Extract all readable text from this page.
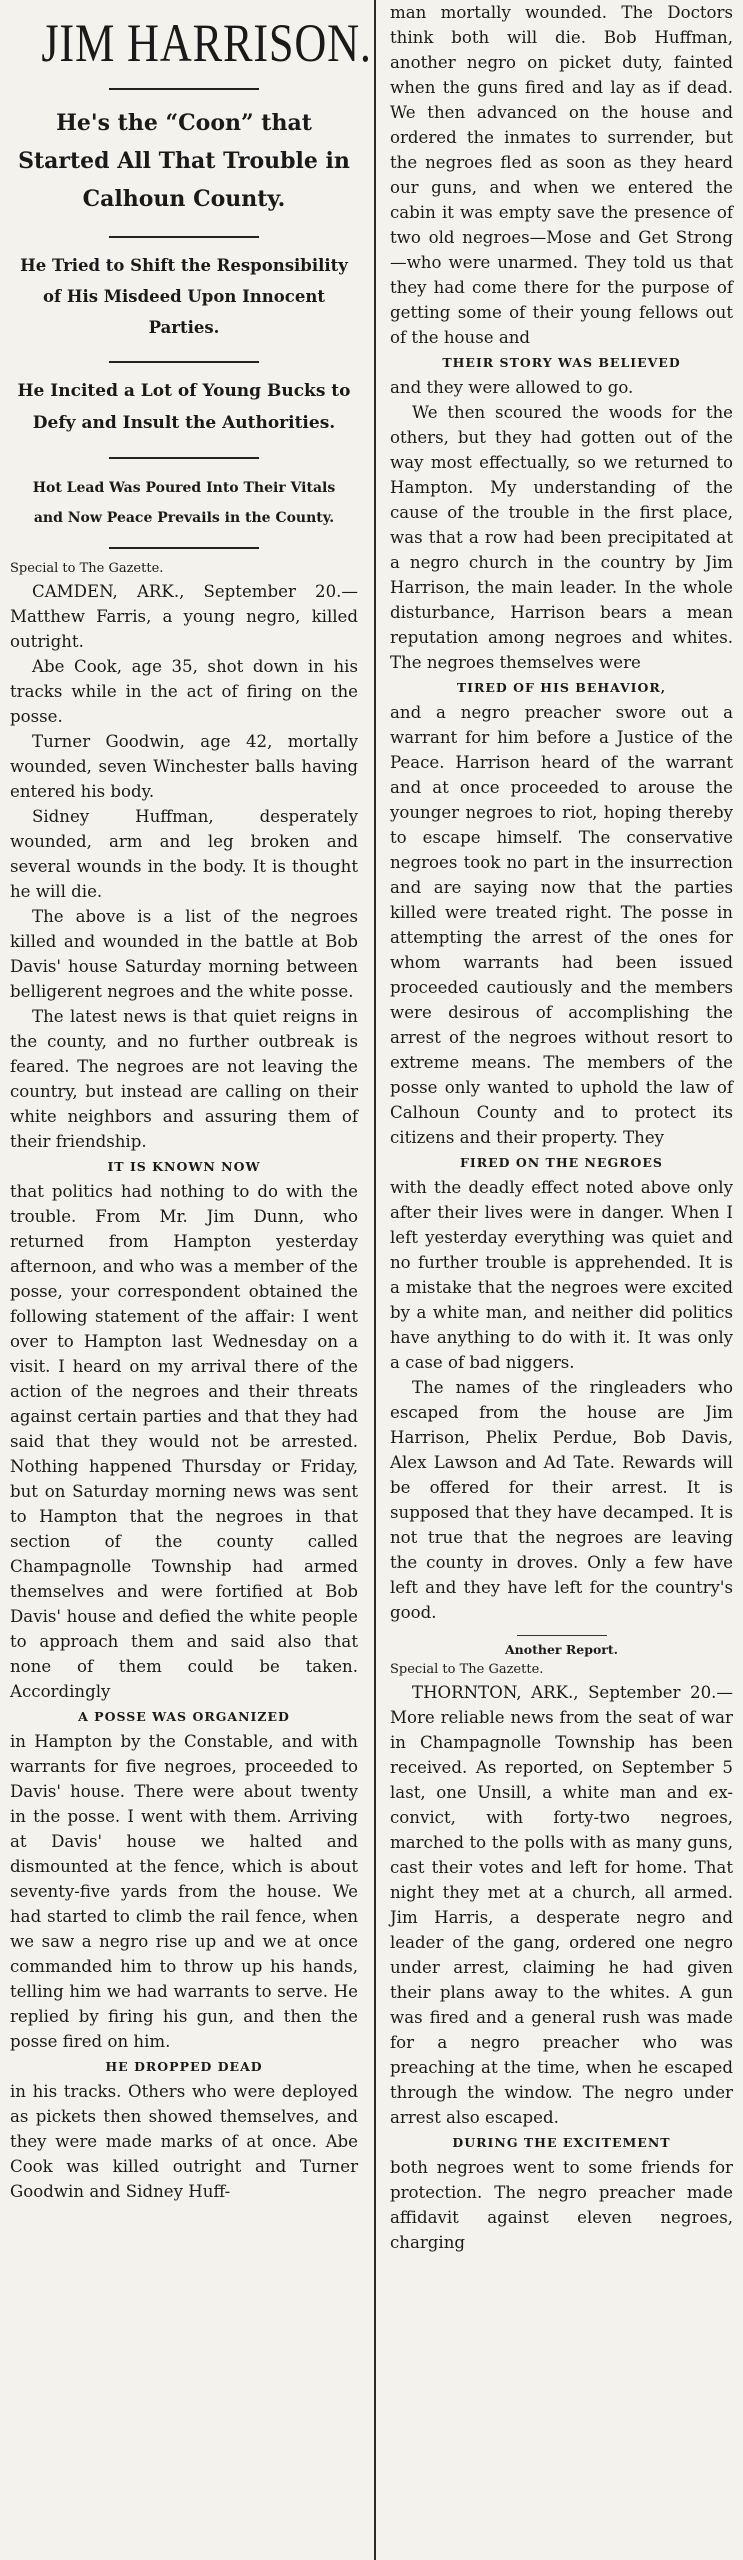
JIM HARRISON.
He's the “Coon” that Started All That Trouble in Calhoun County.
He Tried to Shift the Responsibility of His Misdeed Upon Innocent Parties.
He Incited a Lot of Young Bucks to Defy and Insult the Authorities.
Hot Lead Was Poured Into Their Vitals and Now Peace Prevails in the County.

Special to The Gazette.

CAMDEN, ARK., September 20.—Matthew Farris, a young negro, killed outright.

Abe Cook, age 35, shot down in his tracks while in the act of firing on the posse.

Turner Goodwin, age 42, mortally wounded, seven Winchester balls having entered his body.

Sidney Huffman, desperately wounded, arm and leg broken and several wounds in the body. It is thought he will die.

The above is a list of the negroes killed and wounded in the battle at Bob Davis' house Saturday morning between belligerent negroes and the white posse.

The latest news is that quiet reigns in the county, and no further outbreak is feared. The negroes are not leaving the country, but instead are calling on their white neighbors and assuring them of their friendship.

IT IS KNOWN NOW

that politics had nothing to do with the trouble. From Mr. Jim Dunn, who returned from Hampton yesterday afternoon, and who was a member of the posse, your correspondent obtained the following statement of the affair: I went over to Hampton last Wednesday on a visit. I heard on my arrival there of the action of the negroes and their threats against certain parties and that they had said that they would not be arrested. Nothing happened Thursday or Friday, but on Saturday morning news was sent to Hampton that the negroes in that section of the county called Champagnolle Township had armed themselves and were fortified at Bob Davis' house and defied the white people to approach them and said also that none of them could be taken. Accordingly

A POSSE WAS ORGANIZED

in Hampton by the Constable, and with warrants for five negroes, proceeded to Davis' house. There were about twenty in the posse. I went with them. Arriving at Davis' house we halted and dismounted at the fence, which is about seventy-five yards from the house. We had started to climb the rail fence, when we saw a negro rise up and we at once commanded him to throw up his hands, telling him we had warrants to serve. He replied by firing his gun, and then the posse fired on him.

HE DROPPED DEAD

in his tracks. Others who were deployed as pickets then showed themselves, and they were made marks of at once. Abe Cook was killed outright and Turner Goodwin and Sidney Huff-

man mortally wounded. The Doctors think both will die. Bob Huffman, another negro on picket duty, fainted when the guns fired and lay as if dead. We then advanced on the house and ordered the inmates to surrender, but the negroes fled as soon as they heard our guns, and when we entered the cabin it was empty save the presence of two old negroes—Mose and Get Strong—who were unarmed. They told us that they had come there for the purpose of getting some of their young fellows out of the house and

THEIR STORY WAS BELIEVED

and they were allowed to go.

We then scoured the woods for the others, but they had gotten out of the way most effectually, so we returned to Hampton. My understanding of the cause of the trouble in the first place, was that a row had been precipitated at a negro church in the country by Jim Harrison, the main leader. In the whole disturbance, Harrison bears a mean reputation among negroes and whites. The negroes themselves were

TIRED OF HIS BEHAVIOR,

and a negro preacher swore out a warrant for him before a Justice of the Peace. Harrison heard of the warrant and at once proceeded to arouse the younger negroes to riot, hoping thereby to escape himself. The conservative negroes took no part in the insurrection and are saying now that the parties killed were treated right. The posse in attempting the arrest of the ones for whom warrants had been issued proceeded cautiously and the members were desirous of accomplishing the arrest of the negroes without resort to extreme means. The members of the posse only wanted to uphold the law of Calhoun County and to protect its citizens and their property. They

FIRED ON THE NEGROES

with the deadly effect noted above only after their lives were in danger. When I left yesterday everything was quiet and no further trouble is apprehended. It is a mistake that the negroes were excited by a white man, and neither did politics have anything to do with it. It was only a case of bad niggers.

The names of the ringleaders who escaped from the house are Jim Harrison, Phelix Perdue, Bob Davis, Alex Lawson and Ad Tate. Rewards will be offered for their arrest. It is supposed that they have decamped. It is not true that the negroes are leaving the county in droves. Only a few have left and they have left for the country's good.

Another Report.

Special to The Gazette.

THORNTON, ARK., September 20.—More reliable news from the seat of war in Champagnolle Township has been received. As reported, on September 5 last, one Unsill, a white man and ex-convict, with forty-two negroes, marched to the polls with as many guns, cast their votes and left for home. That night they met at a church, all armed. Jim Harris, a desperate negro and leader of the gang, ordered one negro under arrest, claiming he had given their plans away to the whites. A gun was fired and a general rush was made for a negro preacher who was preaching at the time, when he escaped through the window. The negro under arrest also escaped.

DURING THE EXCITEMENT

both negroes went to some friends for protection. The negro preacher made affidavit against eleven negroes, charging
